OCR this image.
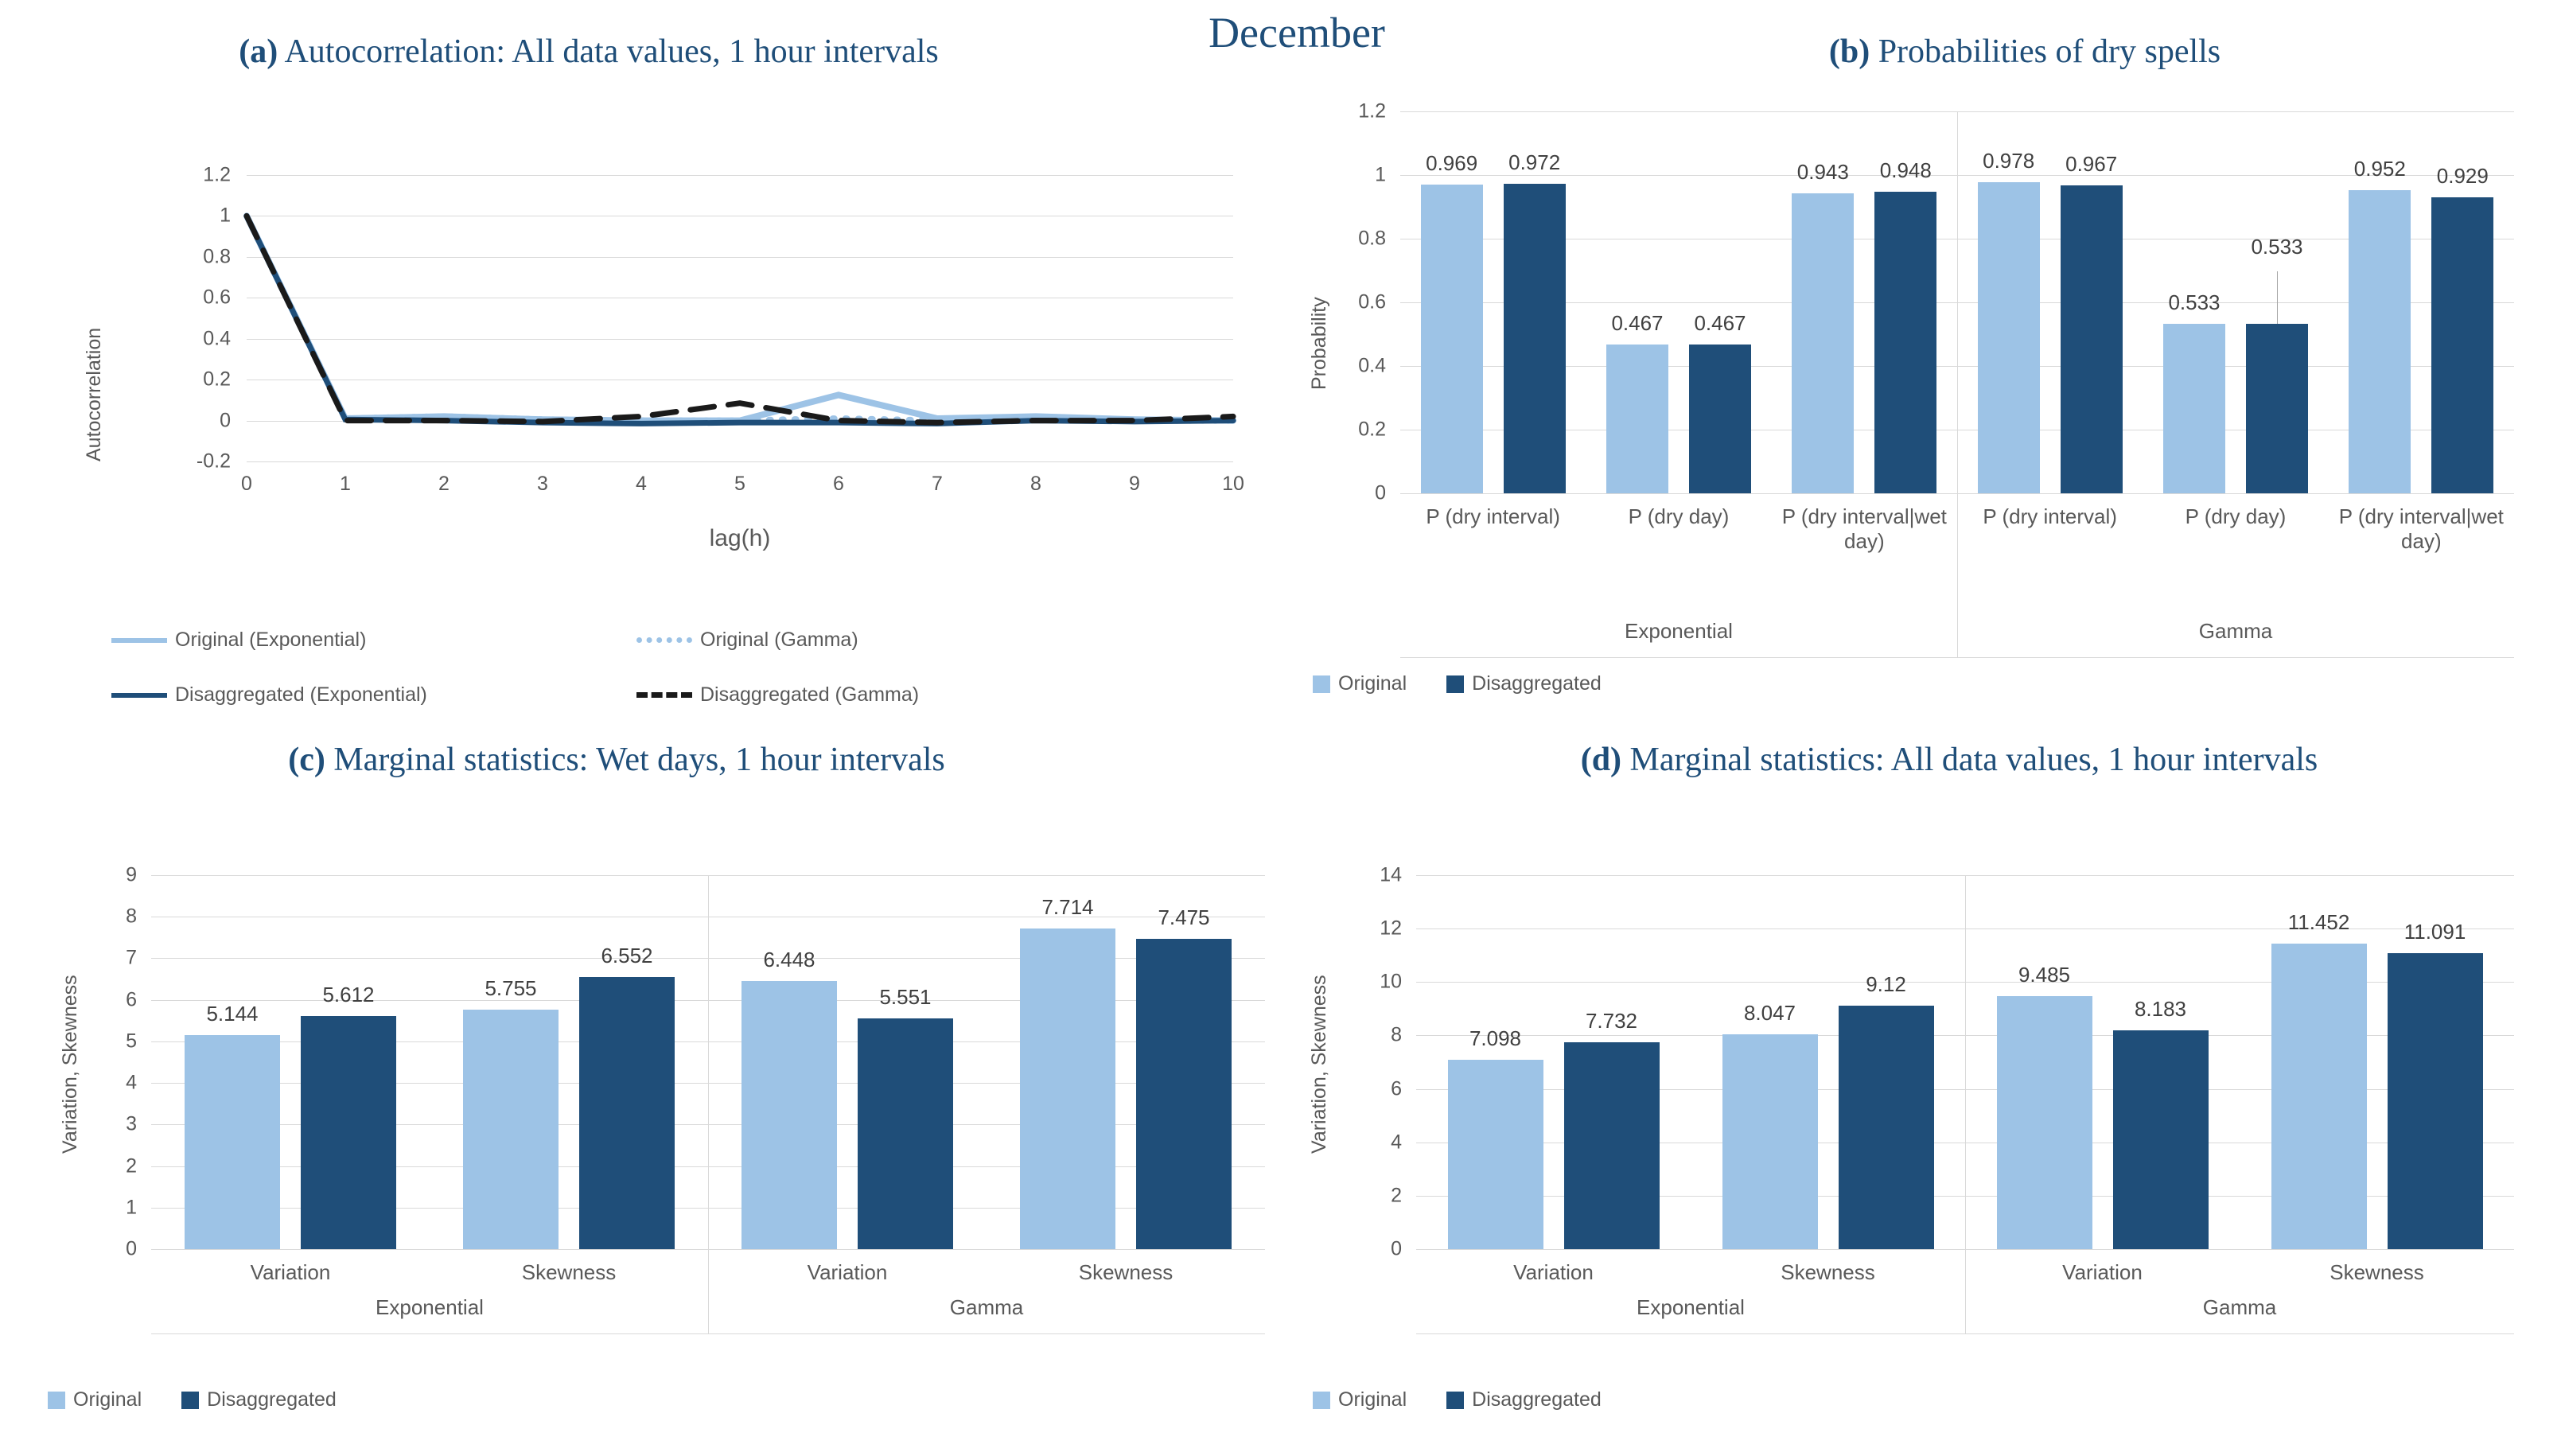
December
(a) Autocorrelation: All data values, 1 hour intervals
Autocorrelation	-0.2
0
0.2
0.4
0.6
0.8
1
1.2
0	1	2	3	4	5	6	7	8	9	10
lag(h)
Original (Exponential)	Original (Gamma)
Disaggregated (Exponential)	Disaggregated (Gamma)
(b) Probabilities of dry spells
Probability
0
0.2
0.4
0.6
0.8
1
1.2
0.969	0.972
0.467	0.467
0.943	0.948	0.978	0.967
0.533
0.533
0.952	0.929
P (dry interval)	P (dry day)	P (dry interval|wet day)
P (dry interval)	P (dry day)	P (dry interval|wet day)
Exponential	Gamma
Original	Disaggregated
(c) Marginal statistics: Wet days, 1 hour intervals
Variation, Skewness
0
1
2
3
4
5
6
7
8
9
5.144
5.612	5.755
6.552	6.448
5.551
7.714	7.475
Variation	Skewness	Variation	Skewness
Exponential	Gamma
Original	Disaggregated
(d) Marginal statistics: All data values, 1 hour intervals
Variation, Skewness
0
2
4
6
8
10
12
14
7.098
7.732	8.047
9.12	9.485
8.183
11.452	11.091
Variation	Skewness	Variation	Skewness
Exponential	Gamma
Original	Disaggregated
